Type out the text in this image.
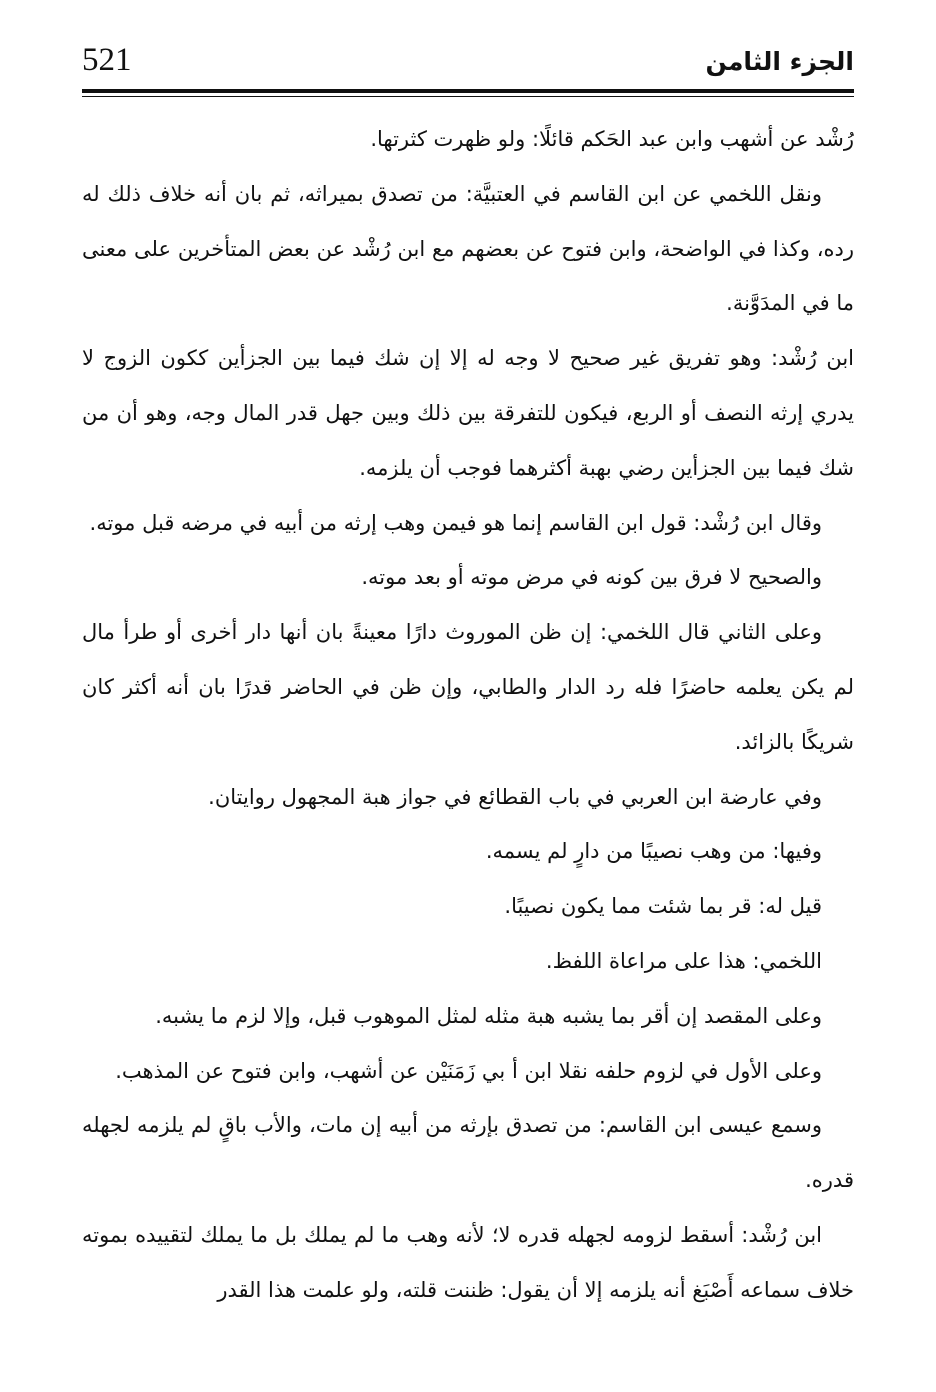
521	الجزء الثامن

رُشْد عن أشهب وابن عبد الحَكم قائلًا: ولو ظهرت كثرتها.

ونقل اللخمي عن ابن القاسم في العتبيَّة: من تصدق بميراثه، ثم بان أنه خلاف ذلك له رده، وكذا في الواضحة، وابن فتوح عن بعضهم مع ابن رُشْد عن بعض المتأخرين على معنى ما في المدَوَّنة.

ابن رُشْد: وهو تفريق غير صحيح لا وجه له إلا إن شك فيما بين الجزأين ككون الزوج لا يدري إرثه النصف أو الربع، فيكون للتفرقة بين ذلك وبين جهل قدر المال وجه، وهو أن من شك فيما بين الجزأين رضي بهبة أكثرهما فوجب أن يلزمه.

وقال ابن رُشْد: قول ابن القاسم إنما هو فيمن وهب إرثه من أبيه في مرضه قبل موته.

والصحيح لا فرق بين كونه في مرض موته أو بعد موته.

وعلى الثاني قال اللخمي: إن ظن الموروث دارًا معينةً بان أنها دار أخرى أو طرأ مال لم يكن يعلمه حاضرًا فله رد الدار والطابي، وإن ظن في الحاضر قدرًا بان أنه أكثر كان شريكًا بالزائد.

وفي عارضة ابن العربي في باب القطائع في جواز هبة المجهول روايتان.

وفيها: من وهب نصيبًا من دارٍ لم يسمه.

قيل له: قر بما شئت مما يكون نصيبًا.

اللخمي: هذا على مراعاة اللفظ.

وعلى المقصد إن أقر بما يشبه هبة مثله لمثل الموهوب قبل، وإلا لزم ما يشبه.

وعلى الأول في لزوم حلفه نقلا ابن أ بي زَمَنَيْن عن أشهب، وابن فتوح عن المذهب.

وسمع عيسى ابن القاسم: من تصدق بإرثه من أبيه إن مات، والأب باقٍ لم يلزمه لجهله قدره.

ابن رُشْد: أسقط لزومه لجهله قدره لا؛ لأنه وهب ما لم يملك بل ما يملك لتقييده بموته خلاف سماعه أَصْبَغ أنه يلزمه إلا أن يقول: ظننت قلته، ولو علمت هذا القدر
